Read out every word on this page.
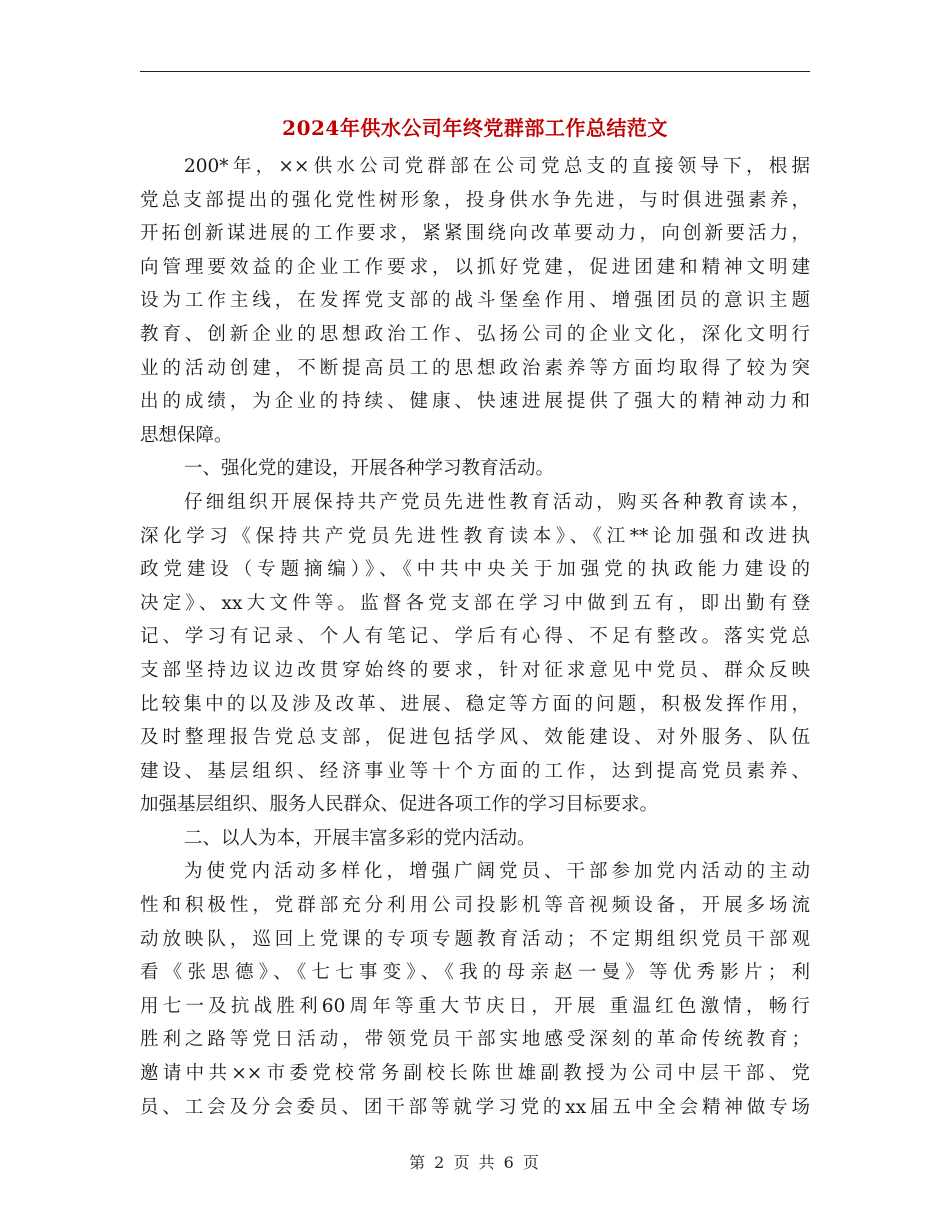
2024年供水公司年终党群部工作总结范文
200*年，××供水公司党群部在公司党总支的直接领导下，根据
党总支部提出的强化党性树形象，投身供水争先进，与时俱进强素养，
开拓创新谋进展的工作要求，紧紧围绕向改革要动力，向创新要活力，
向管理要效益的企业工作要求，以抓好党建，促进团建和精神文明建
设为工作主线，在发挥党支部的战斗堡垒作用、增强团员的意识主题
教育、创新企业的思想政治工作、弘扬公司的企业文化，深化文明行
业的活动创建，不断提高员工的思想政治素养等方面均取得了较为突
出的成绩，为企业的持续、健康、快速进展提供了强大的精神动力和
思想保障。
一、强化党的建设，开展各种学习教育活动。
仔细组织开展保持共产党员先进性教育活动，购买各种教育读本，
深化学习《保持共产党员先进性教育读本》、《江**论加强和改进执
政党建设（专题摘编）》、《中共中央关于加强党的执政能力建设的
决定》、xx大文件等。监督各党支部在学习中做到五有，即出勤有登
记、学习有记录、个人有笔记、学后有心得、不足有整改。落实党总
支部坚持边议边改贯穿始终的要求，针对征求意见中党员、群众反映
比较集中的以及涉及改革、进展、稳定等方面的问题，积极发挥作用，
及时整理报告党总支部，促进包括学风、效能建设、对外服务、队伍
建设、基层组织、经济事业等十个方面的工作，达到提高党员素养、
加强基层组织、服务人民群众、促进各项工作的学习目标要求。
二、以人为本，开展丰富多彩的党内活动。
为使党内活动多样化，增强广阔党员、干部参加党内活动的主动
性和积极性，党群部充分利用公司投影机等音视频设备，开展多场流
动放映队，巡回上党课的专项专题教育活动；不定期组织党员干部观
看《张思德》、《七七事变》、《我的母亲赵一曼》等优秀影片；利
用七一及抗战胜利60周年等重大节庆日，开展 重温红色激情，畅行
胜利之路等党日活动，带领党员干部实地感受深刻的革命传统教育；
邀请中共××市委党校常务副校长陈世雄副教授为公司中层干部、党
员、工会及分会委员、团干部等就学习党的xx届五中全会精神做专场
第 2 页 共 6 页
